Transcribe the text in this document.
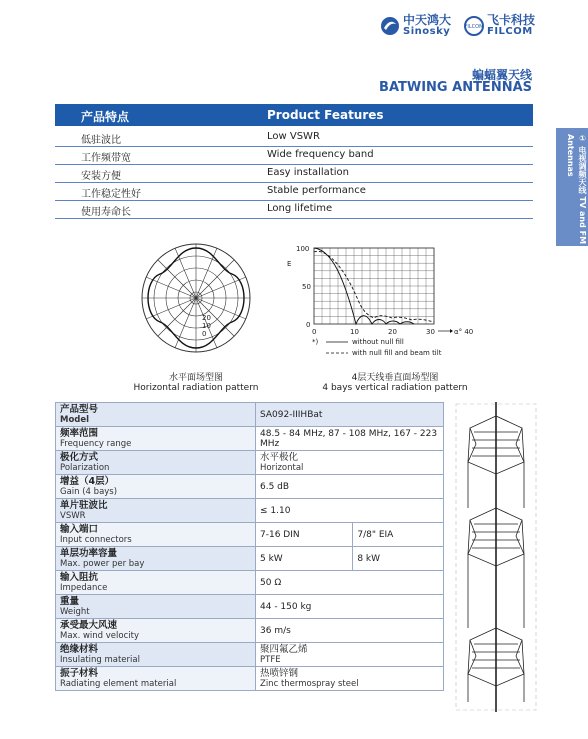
中天鸿大
Sinosky	FILCOM 飞卡科技
FILCOM
蝙蝠翼天线
BATWING ANTENNAS
① 电视调频天线 TV and FM Antennas
产品特点	Product Features
低驻波比	Low VSWR
工作频带宽	Wide frequency band
安装方便	Easy installation
工作稳定性好	Stable performance
使用寿命长	Long lifetime
20
10
0
水平面场型图
Horizontal radiation pattern
E
100
50
0
0	10	20	30	α° 40
*)	without null fill
with null fill and beam tilt
4层天线垂直面场型图
4 bays vertical radiation pattern
产品型号
Model	SA092-IIIHBat	

频率范围
Frequency range	48.5 - 84 MHz, 87 - 108 MHz, 167 - 223 MHz	

极化方式
Polarization	水平极化
Horizontal	

增益（4层）
Gain (4 bays)	6.5 dB	

单片驻波比
VSWR	≤ 1.10	

输入端口
Input connectors	7-16 DIN	7/8" EIA

单层功率容量
Max. power per bay	5 kW	8 kW

输入阻抗
Impedance	50 Ω	

重量
Weight	44 - 150 kg	

承受最大风速
Max. wind velocity	36 m/s	

绝缘材料
Insulating material	聚四氟乙烯
PTFE	

振子材料
Radiating element material	热喷锌钢
Zinc thermospray steel	
